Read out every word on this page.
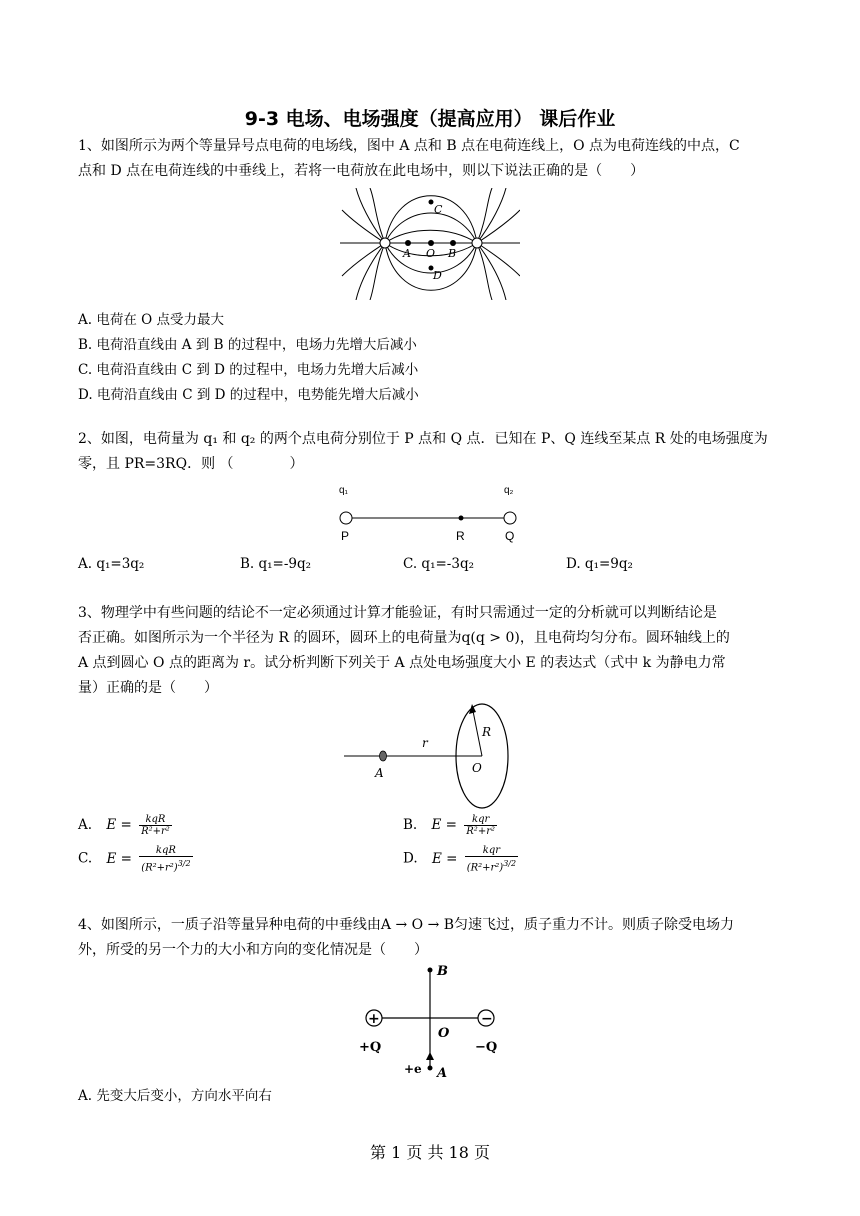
9-3 电场、电场强度（提高应用） 课后作业
1、如图所示为两个等量异号点电荷的电场线，图中 A 点和 B 点在电荷连线上，O 点为电荷连线的中点，C
点和 D 点在电荷连线的中垂线上，若将一电荷放在此电场中，则以下说法正确的是（　　）
C
A O B
D
A. 电荷在 O 点受力最大
B. 电荷沿直线由 A 到 B 的过程中，电场力先增大后减小
C. 电荷沿直线由 C 到 D 的过程中，电场力先增大后减小
D. 电荷沿直线由 C 到 D 的过程中，电势能先增大后减小
2、如图，电荷量为 q₁ 和 q₂ 的两个点电荷分别位于 P 点和 Q 点．已知在 P、Q 连线至某点 R 处的电场强度为
零，且 PR=3RQ．则 （　　　　）
q₁	q₂
P	R	Q
A. q₁=3q₂	B. q₁=-9q₂	C. q₁=-3q₂	D. q₁=9q₂
3、物理学中有些问题的结论不一定必须通过计算才能验证，有时只需通过一定的分析就可以判断结论是
否正确。如图所示为一个半径为 R 的圆环，圆环上的电荷量为q(q > 0)，且电荷均匀分布。圆环轴线上的
A 点到圆心 O 点的距离为 r。试分析判断下列关于 A 点处电场强度大小 E 的表达式（式中 k 为静电力常
量）正确的是（　　）
r
R
A	O
A. E =	kqR
R²+r²	B. E =	kqr
R²+r²
C. E =
kqR
$(R^2+r^2)^{3/2}$	D. E =
kqr
$(R^2+r^2)^{3/2}$
4、如图所示，一质子沿等量异种电荷的中垂线由A → O → B匀速飞过，质子重力不计。则质子除受电场力
外，所受的另一个力的大小和方向的变化情况是（　　）
+	−
B
O
A
+Q	−Q
+e
A. 先变大后变小，方向水平向右
第 1 页 共 18 页
